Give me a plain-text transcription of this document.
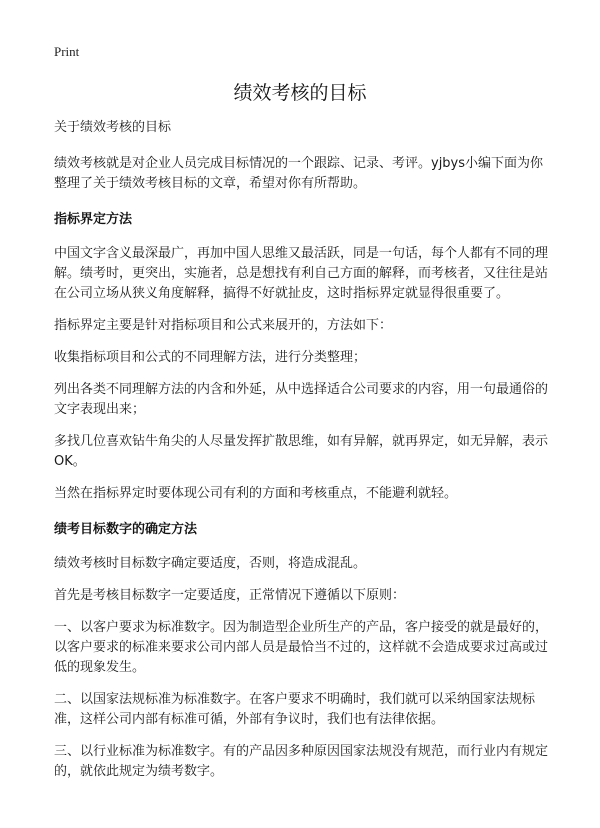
Print
绩效考核的目标

关于绩效考核的目标

绩效考核就是对企业人员完成目标情况的一个跟踪、记录、考评。yjbys小编下面为你整理了关于绩效考核目标的文章，希望对你有所帮助。

指标界定方法

中国文字含义最深最广，再加中国人思维又最活跃，同是一句话，每个人都有不同的理解。绩考时，更突出，实施者，总是想找有利自己方面的解释，而考核者，又往往是站在公司立场从狭义角度解释，搞得不好就扯皮，这时指标界定就显得很重要了。

指标界定主要是针对指标项目和公式来展开的，方法如下：

收集指标项目和公式的不同理解方法，进行分类整理；

列出各类不同理解方法的内含和外延，从中选择适合公司要求的内容，用一句最通俗的文字表现出来；

多找几位喜欢钻牛角尖的人尽量发挥扩散思维，如有异解，就再界定，如无异解，表示OK。

当然在指标界定时要体现公司有利的方面和考核重点，不能避利就轻。

绩考目标数字的确定方法

绩效考核时目标数字确定要适度，否则，将造成混乱。

首先是考核目标数字一定要适度，正常情况下遵循以下原则：

一、以客户要求为标准数字。因为制造型企业所生产的产品，客户接受的就是最好的，以客户要求的标准来要求公司内部人员是最恰当不过的，这样就不会造成要求过高或过低的现象发生。

二、以国家法规标准为标准数字。在客户要求不明确时，我们就可以采纳国家法规标准，这样公司内部有标准可循，外部有争议时，我们也有法律依据。

三、以行业标准为标准数字。有的产品因多种原因国家法规没有规范，而行业内有规定的，就依此规定为绩考数字。
